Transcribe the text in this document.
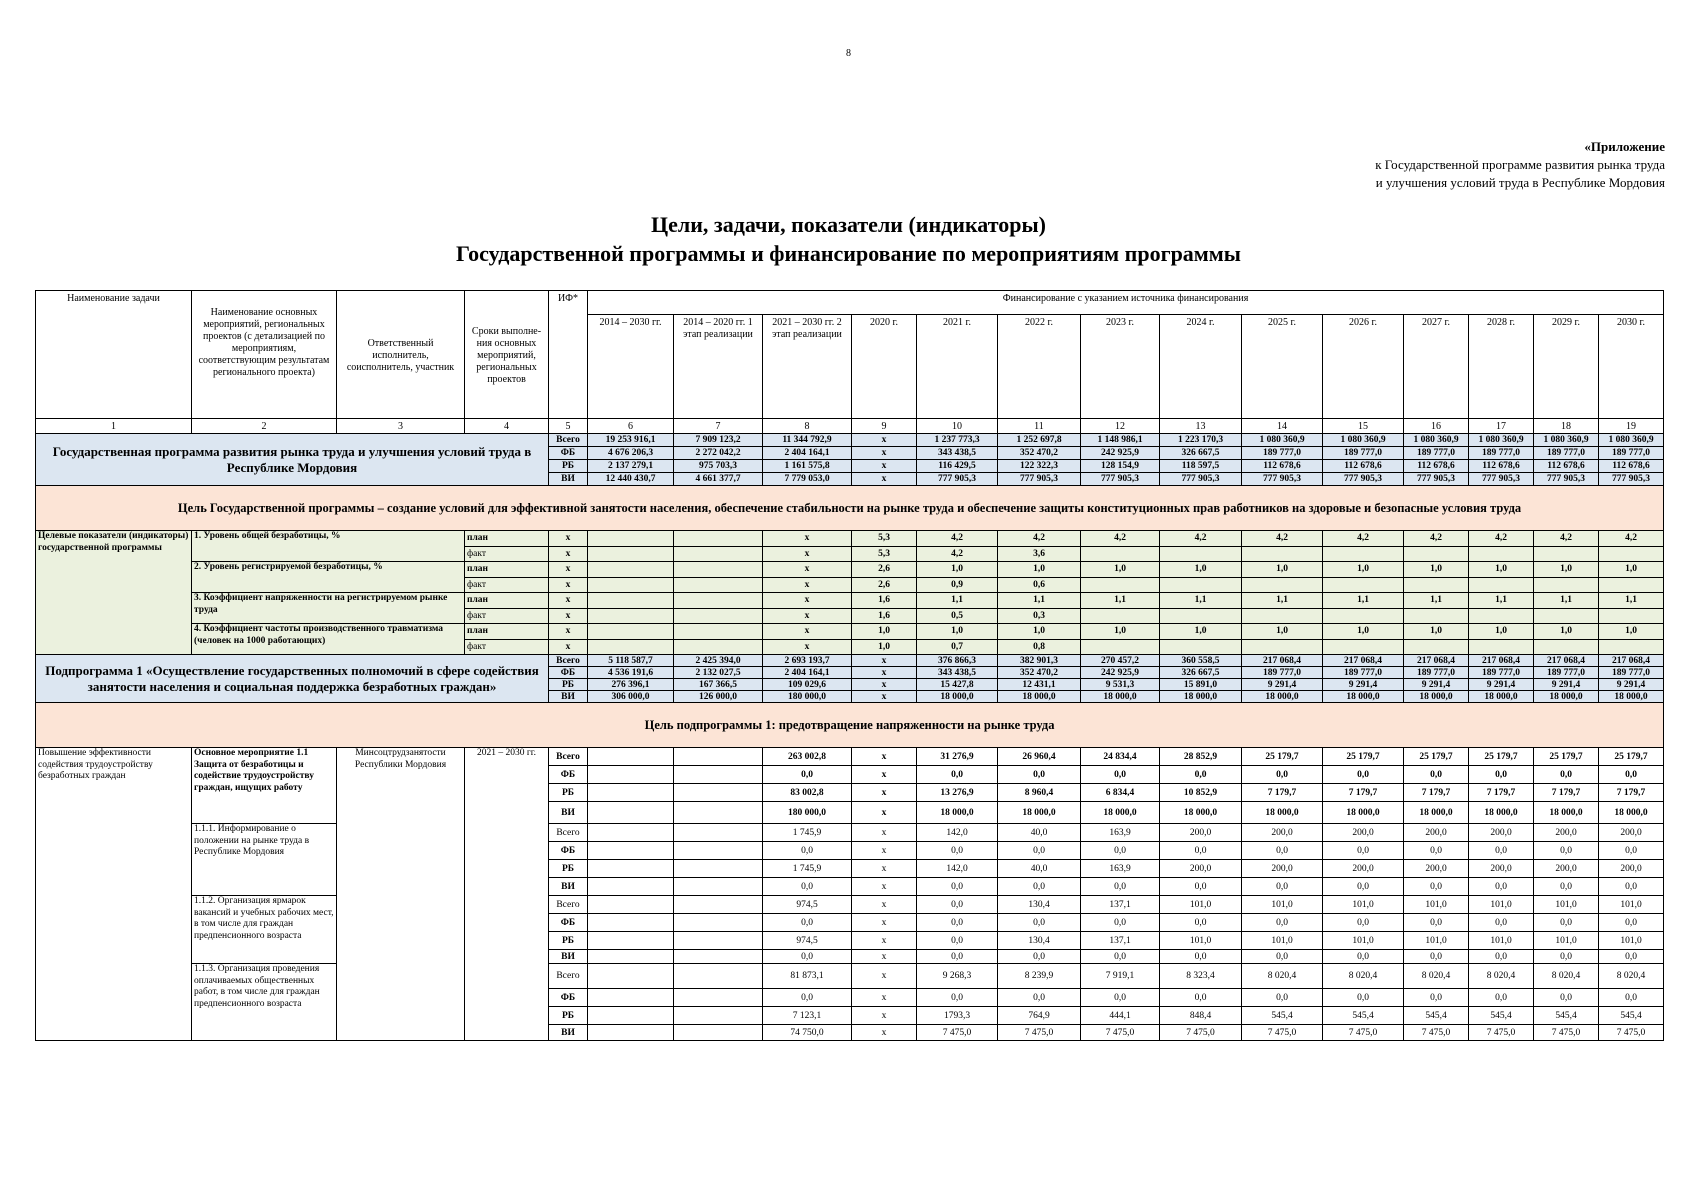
8
«Приложение
к Государственной программе развития рынка труда
и улучшения условий труда в Республике Мордовия
Цели, задачи, показатели (индикаторы)
Государственной программы и финансирование по мероприятиям программы
Наименование задачи	Наименование основных мероприятий, региональных проектов (с детализацией по мероприятиям, соответствующим результатам регионального проекта)	Ответственный исполнитель, соисполнитель, участник	Сроки выполне-ния основных мероприятий, региональных проектов	ИФ*	Финансирование с указанием источника финансирования													
					2014 – 2030 гг.	2014 – 2020 гг. 1 этап реализации	2021 – 2030 гг. 2 этап реализации	2020 г.	2021 г.	2022 г.	2023 г.	2024 г.	2025 г.	2026 г.	2027 г.	2028 г.	2029 г.	2030 г.
1	2	3	4	5	6	7	8	9	10	11	12	13	14	15	16	17	18	19
Государственная программа развития рынка труда и улучшения условий труда в Республике Мордовия				Всего	19 253 916,1	7 909 123,2	11 344 792,9	x	1 237 773,3	1 252 697,8	1 148 986,1	1 223 170,3	1 080 360,9	1 080 360,9	1 080 360,9	1 080 360,9	1 080 360,9	1 080 360,9
				ФБ	4 676 206,3	2 272 042,2	2 404 164,1	x	343 438,5	352 470,2	242 925,9	326 667,5	189 777,0	189 777,0	189 777,0	189 777,0	189 777,0	189 777,0
				РБ	2 137 279,1	975 703,3	1 161 575,8	x	116 429,5	122 322,3	128 154,9	118 597,5	112 678,6	112 678,6	112 678,6	112 678,6	112 678,6	112 678,6
				ВИ	12 440 430,7	4 661 377,7	7 779 053,0	x	777 905,3	777 905,3	777 905,3	777 905,3	777 905,3	777 905,3	777 905,3	777 905,3	777 905,3	777 905,3
Цель Государственной программы – создание условий для эффективной занятости населения, обеспечение стабильности на рынке труда и обеспечение защиты конституционных прав работников на здоровые и безопасные условия труда																		
Целевые показатели (индикаторы) государственной программы	1. Уровень общей безработицы, %		план	x			x	5,3	4,2	4,2	4,2	4,2	4,2	4,2	4,2	4,2	4,2	4,2
			факт	x			x	5,3	4,2	3,6								
	2. Уровень регистрируемой безработицы, %		план	x			x	2,6	1,0	1,0	1,0	1,0	1,0	1,0	1,0	1,0	1,0	1,0
			факт	x			x	2,6	0,9	0,6								
	3. Коэффициент напряженности на регистрируемом рынке труда		план	x			x	1,6	1,1	1,1	1,1	1,1	1,1	1,1	1,1	1,1	1,1	1,1
			факт	x			x	1,6	0,5	0,3								
	4. Коэффициент частоты производственного травматизма (человек на 1000 работающих)		план	x			x	1,0	1,0	1,0	1,0	1,0	1,0	1,0	1,0	1,0	1,0	1,0
			факт	x			x	1,0	0,7	0,8								
Подпрограмма 1 «Осуществление государственных полномочий в сфере содействия занятости населения и социальная поддержка безработных граждан»				Всего	5 118 587,7	2 425 394,0	2 693 193,7	x	376 866,3	382 901,3	270 457,2	360 558,5	217 068,4	217 068,4	217 068,4	217 068,4	217 068,4	217 068,4
				ФБ	4 536 191,6	2 132 027,5	2 404 164,1	x	343 438,5	352 470,2	242 925,9	326 667,5	189 777,0	189 777,0	189 777,0	189 777,0	189 777,0	189 777,0
				РБ	276 396,1	167 366,5	109 029,6	x	15 427,8	12 431,1	9 531,3	15 891,0	9 291,4	9 291,4	9 291,4	9 291,4	9 291,4	9 291,4
				ВИ	306 000,0	126 000,0	180 000,0	x	18 000,0	18 000,0	18 000,0	18 000,0	18 000,0	18 000,0	18 000,0	18 000,0	18 000,0	18 000,0
Цель подпрограммы 1: предотвращение напряженности на рынке труда																		
Повышение эффективности содействия трудоустройству безработных граждан	Основное мероприятие 1.1 Защита от безработицы и содействие трудоустройству граждан, ищущих работу	Минсоцтрудзанятости Республики Мордовия	2021 – 2030 гг.	Всего			263 002,8	x	31 276,9	26 960,4	24 834,4	28 852,9	25 179,7	25 179,7	25 179,7	25 179,7	25 179,7	25 179,7
				ФБ			0,0	x	0,0	0,0	0,0	0,0	0,0	0,0	0,0	0,0	0,0	0,0
				РБ			83 002,8	x	13 276,9	8 960,4	6 834,4	10 852,9	7 179,7	7 179,7	7 179,7	7 179,7	7 179,7	7 179,7
				ВИ			180 000,0	x	18 000,0	18 000,0	18 000,0	18 000,0	18 000,0	18 000,0	18 000,0	18 000,0	18 000,0	18 000,0
	1.1.1. Информирование о положении на рынке труда в Республике Мордовия			Всего			1 745,9	x	142,0	40,0	163,9	200,0	200,0	200,0	200,0	200,0	200,0	200,0
				ФБ			0,0	x	0,0	0,0	0,0	0,0	0,0	0,0	0,0	0,0	0,0	0,0
				РБ			1 745,9	x	142,0	40,0	163,9	200,0	200,0	200,0	200,0	200,0	200,0	200,0
				ВИ			0,0	x	0,0	0,0	0,0	0,0	0,0	0,0	0,0	0,0	0,0	0,0
	1.1.2. Организация ярмарок вакансий и учебных рабочих мест, в том числе для граждан предпенсионного возраста			Всего			974,5	x	0,0	130,4	137,1	101,0	101,0	101,0	101,0	101,0	101,0	101,0
				ФБ			0,0	x	0,0	0,0	0,0	0,0	0,0	0,0	0,0	0,0	0,0	0,0
				РБ			974,5	x	0,0	130,4	137,1	101,0	101,0	101,0	101,0	101,0	101,0	101,0
				ВИ			0,0	x	0,0	0,0	0,0	0,0	0,0	0,0	0,0	0,0	0,0	0,0
	1.1.3. Организация проведения оплачиваемых общественных работ, в том числе для граждан предпенсионного возраста			Всего			81 873,1	x	9 268,3	8 239,9	7 919,1	8 323,4	8 020,4	8 020,4	8 020,4	8 020,4	8 020,4	8 020,4
				ФБ			0,0	x	0,0	0,0	0,0	0,0	0,0	0,0	0,0	0,0	0,0	0,0
				РБ			7 123,1	x	1793,3	764,9	444,1	848,4	545,4	545,4	545,4	545,4	545,4	545,4
				ВИ			74 750,0	x	7 475,0	7 475,0	7 475,0	7 475,0	7 475,0	7 475,0	7 475,0	7 475,0	7 475,0	7 475,0
